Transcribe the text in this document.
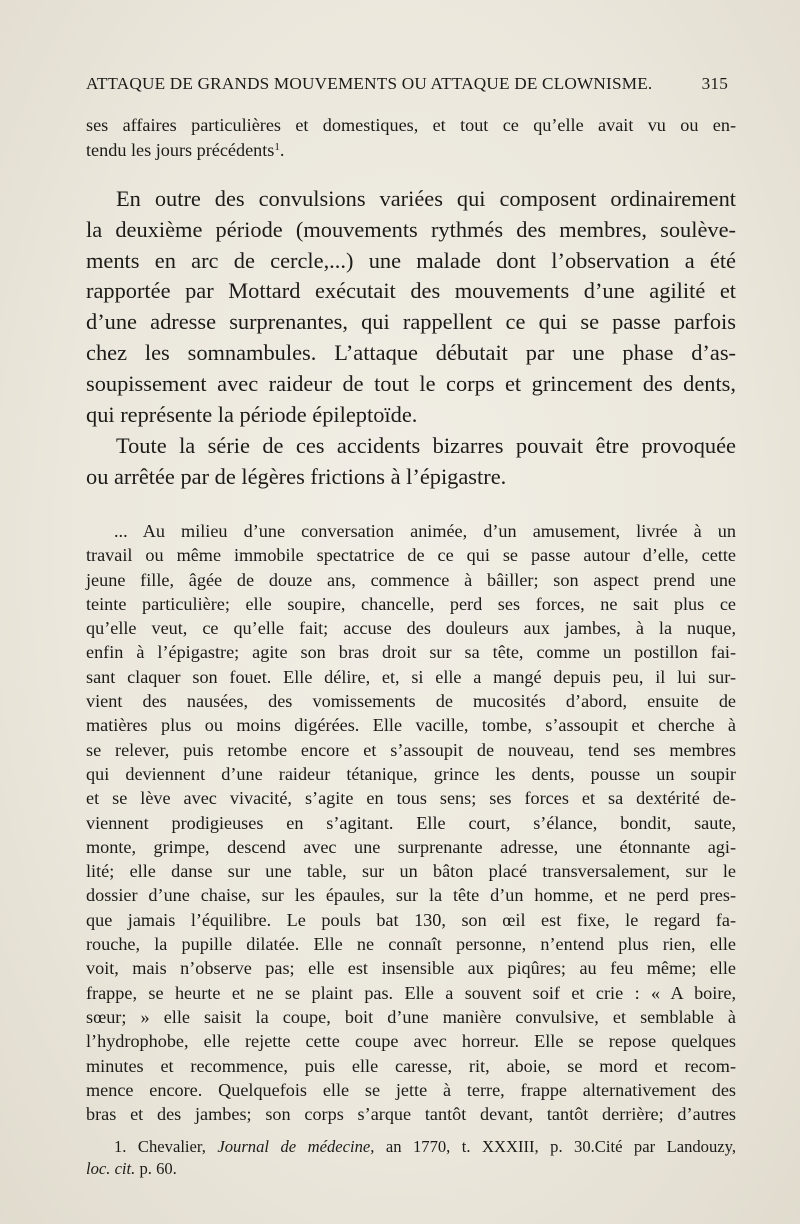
ATTAQUE DE GRANDS MOUVEMENTS OU ATTAQUE DE CLOWNISME.	315
ses affaires particulières et domestiques, et tout ce qu’elle avait vu ou en-
tendu les jours précédents$^1$.
En outre des convulsions variées qui composent ordinairement
la deuxième période (mouvements rythmés des membres, soulève-
ments en arc de cercle,...) une malade dont l’observation a été
rapportée par Mottard exécutait des mouvements d’une agilité et
d’une adresse surprenantes, qui rappellent ce qui se passe parfois
chez les somnambules. L’attaque débutait par une phase d’as-
soupissement avec raideur de tout le corps et grincement des dents,
qui représente la période épileptoïde.
Toute la série de ces accidents bizarres pouvait être provoquée
ou arrêtée par de légères frictions à l’épigastre.
... Au milieu d’une conversation animée, d’un amusement, livrée à un
travail ou même immobile spectatrice de ce qui se passe autour d’elle, cette
jeune fille, âgée de douze ans, commence à bâiller; son aspect prend une
teinte particulière; elle soupire, chancelle, perd ses forces, ne sait plus ce
qu’elle veut, ce qu’elle fait; accuse des douleurs aux jambes, à la nuque,
enfin à l’épigastre; agite son bras droit sur sa tête, comme un postillon fai-
sant claquer son fouet. Elle délire, et, si elle a mangé depuis peu, il lui sur-
vient des nausées, des vomissements de mucosités d’abord, ensuite de
matières plus ou moins digérées. Elle vacille, tombe, s’assoupit et cherche à
se relever, puis retombe encore et s’assoupit de nouveau, tend ses membres
qui deviennent d’une raideur tétanique, grince les dents, pousse un soupir
et se lève avec vivacité, s’agite en tous sens; ses forces et sa dextérité de-
viennent prodigieuses en s’agitant. Elle court, s’élance, bondit, saute,
monte, grimpe, descend avec une surprenante adresse, une étonnante agi-
lité; elle danse sur une table, sur un bâton placé transversalement, sur le
dossier d’une chaise, sur les épaules, sur la tête d’un homme, et ne perd pres-
que jamais l’équilibre. Le pouls bat 130, son œil est fixe, le regard fa-
rouche, la pupille dilatée. Elle ne connaît personne, n’entend plus rien, elle
voit, mais n’observe pas; elle est insensible aux piqûres; au feu même; elle
frappe, se heurte et ne se plaint pas. Elle a souvent soif et crie : « A boire,
sœur; » elle saisit la coupe, boit d’une manière convulsive, et semblable à
l’hydrophobe, elle rejette cette coupe avec horreur. Elle se repose quelques
minutes et recommence, puis elle caresse, rit, aboie, se mord et recom-
mence encore. Quelquefois elle se jette à terre, frappe alternativement des
bras et des jambes; son corps s’arque tantôt devant, tantôt derrière; d’autres
1. Chevalier, Journal de médecine, an 1770, t. XXXIII, p. 30.Cité par Landouzy,
loc. cit. p. 60.
